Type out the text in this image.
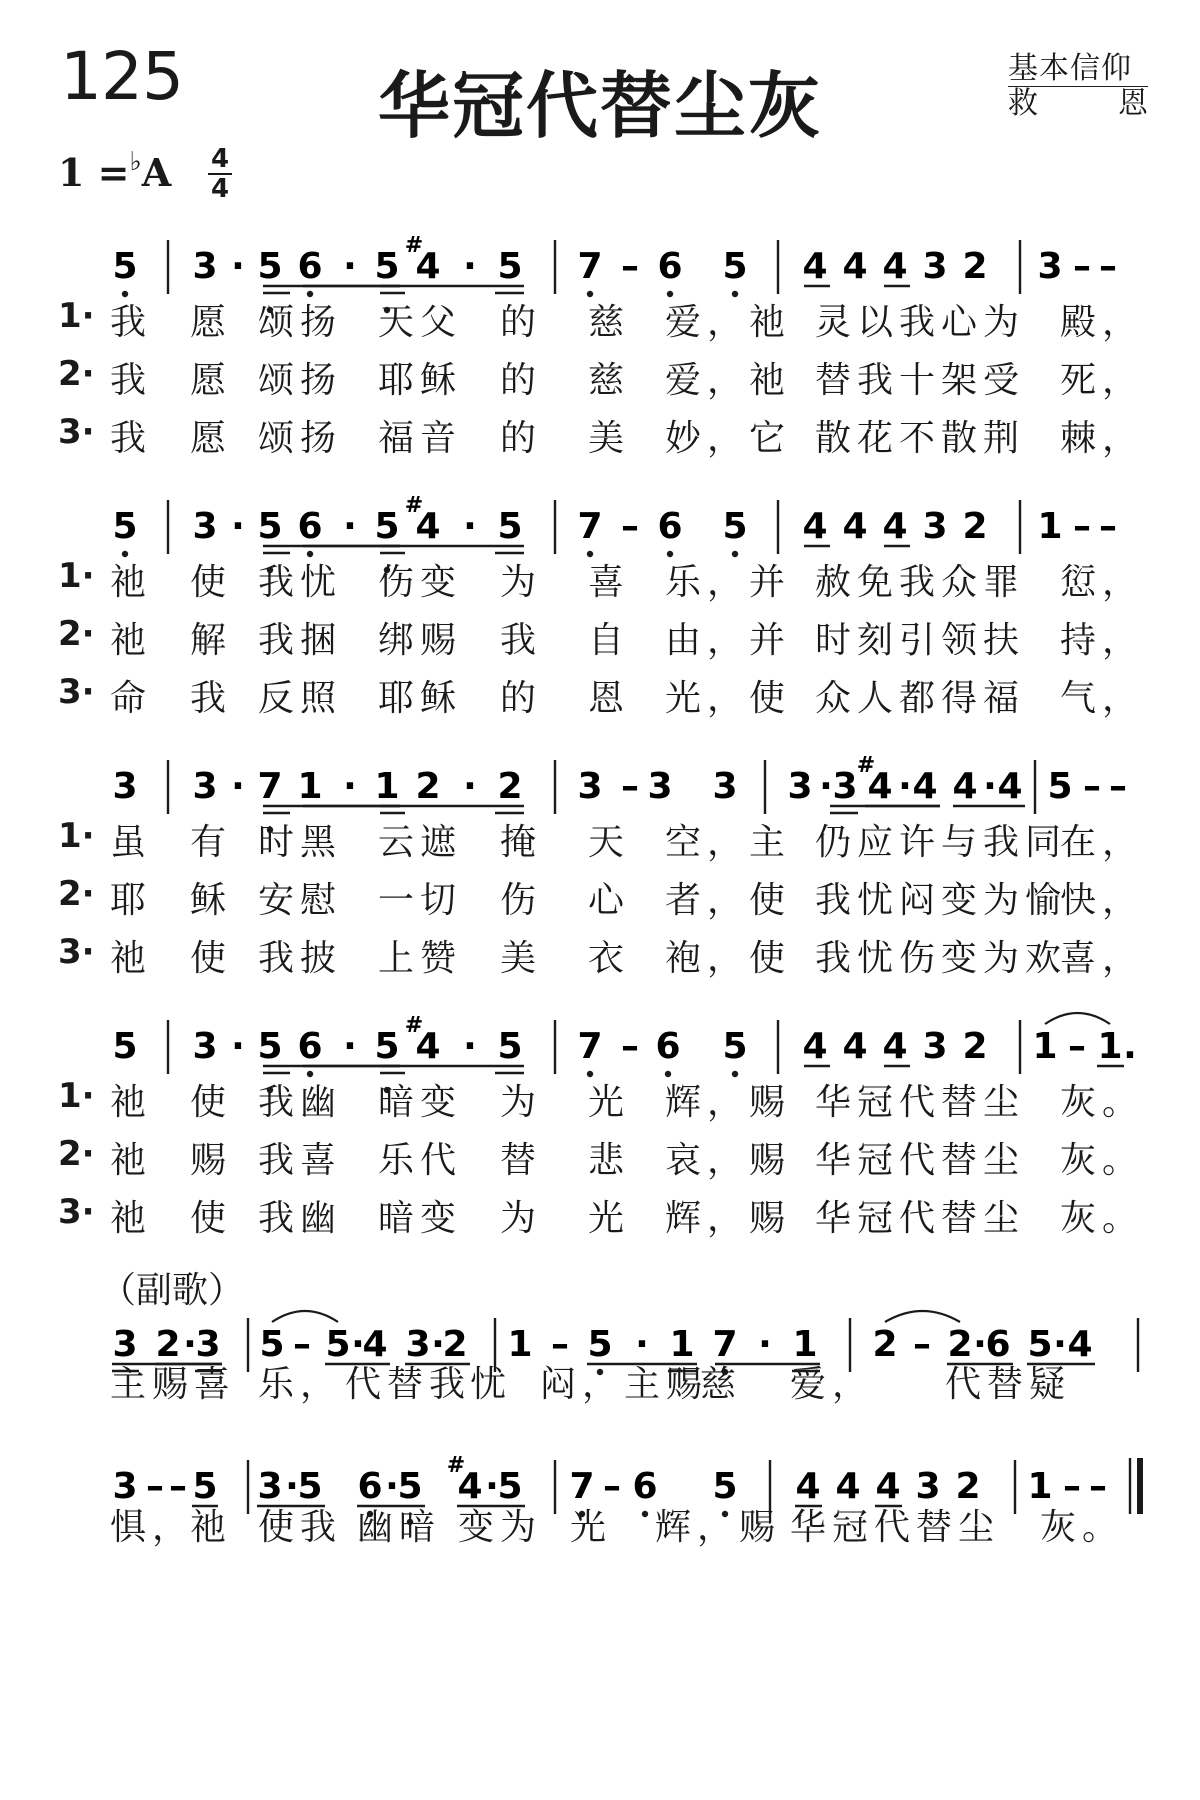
125	华冠代替尘灰	基本信仰
救	恩
1 =♭A 4
4
（副歌）
5 3 · 5 6 · 5 4
#
· 5 7 – 6 5 4 4 4 3 2 3 – –
5 3 · 5 6 · 5 4
#
· 5 7 – 6 5 4 4 4 3 2 1 – –
3 3 · 7 1 · 1 2 · 2 3 – 3 3 3 · 3 4
#
· 4 4 · 4 5 – –
5 3 · 5 6 · 5 4
#
· 5 7 – 6 5 4 4 4 3 2 1 – 1 .
3 2 ·
3 5 – 5 ·
4 3 ·
2 1 – 5 · 1 7 · 1 2 – 2 ·
6 5 · 4
3 – – 5 3 ·
5 6 ·
5 4
#
·
5 7 – 6 5 4 4 4 3 2 1 – –
1· 我 愿 颂扬 天父 的 慈 爱，祂 灵以我心为 殿，
2· 我 愿 颂扬 耶稣 的 慈 爱，祂 替我十架受 死，
3· 我 愿 颂扬 福音 的 美 妙，它 散花不散荆 棘，
1· 祂 使 我忧 伤变 为 喜 乐，并 赦免我众罪 愆，
2· 祂 解 我捆 绑赐 我 自 由，并 时刻引领扶 持，
3· 命 我 反照 耶稣 的 恩 光，使 众人都得福 气，
1· 虽 有 时黑 云遮 掩 天 空，主 仍应许与我同
在，
2· 耶 稣 安慰 一切 伤 心 者，使 我忧闷变为愉
快，
3· 祂 使 我披 上赞 美 衣 袍，使 我忧伤变为欢
喜，
1· 祂 使 我幽 暗变 为 光 辉，赐 华冠代替尘 灰。
2· 祂 赐 我喜 乐代 替 悲 哀，赐 华冠代替尘 灰。
3· 祂 使 我幽 暗变 为 光 辉，赐 华冠代替尘 灰。
主赐喜 乐， 代替我
忧 闷，主赐
慈 爱， 代替疑
惧，
祂 使我 幽暗 变为 光 辉，赐 华冠代替尘 灰。
